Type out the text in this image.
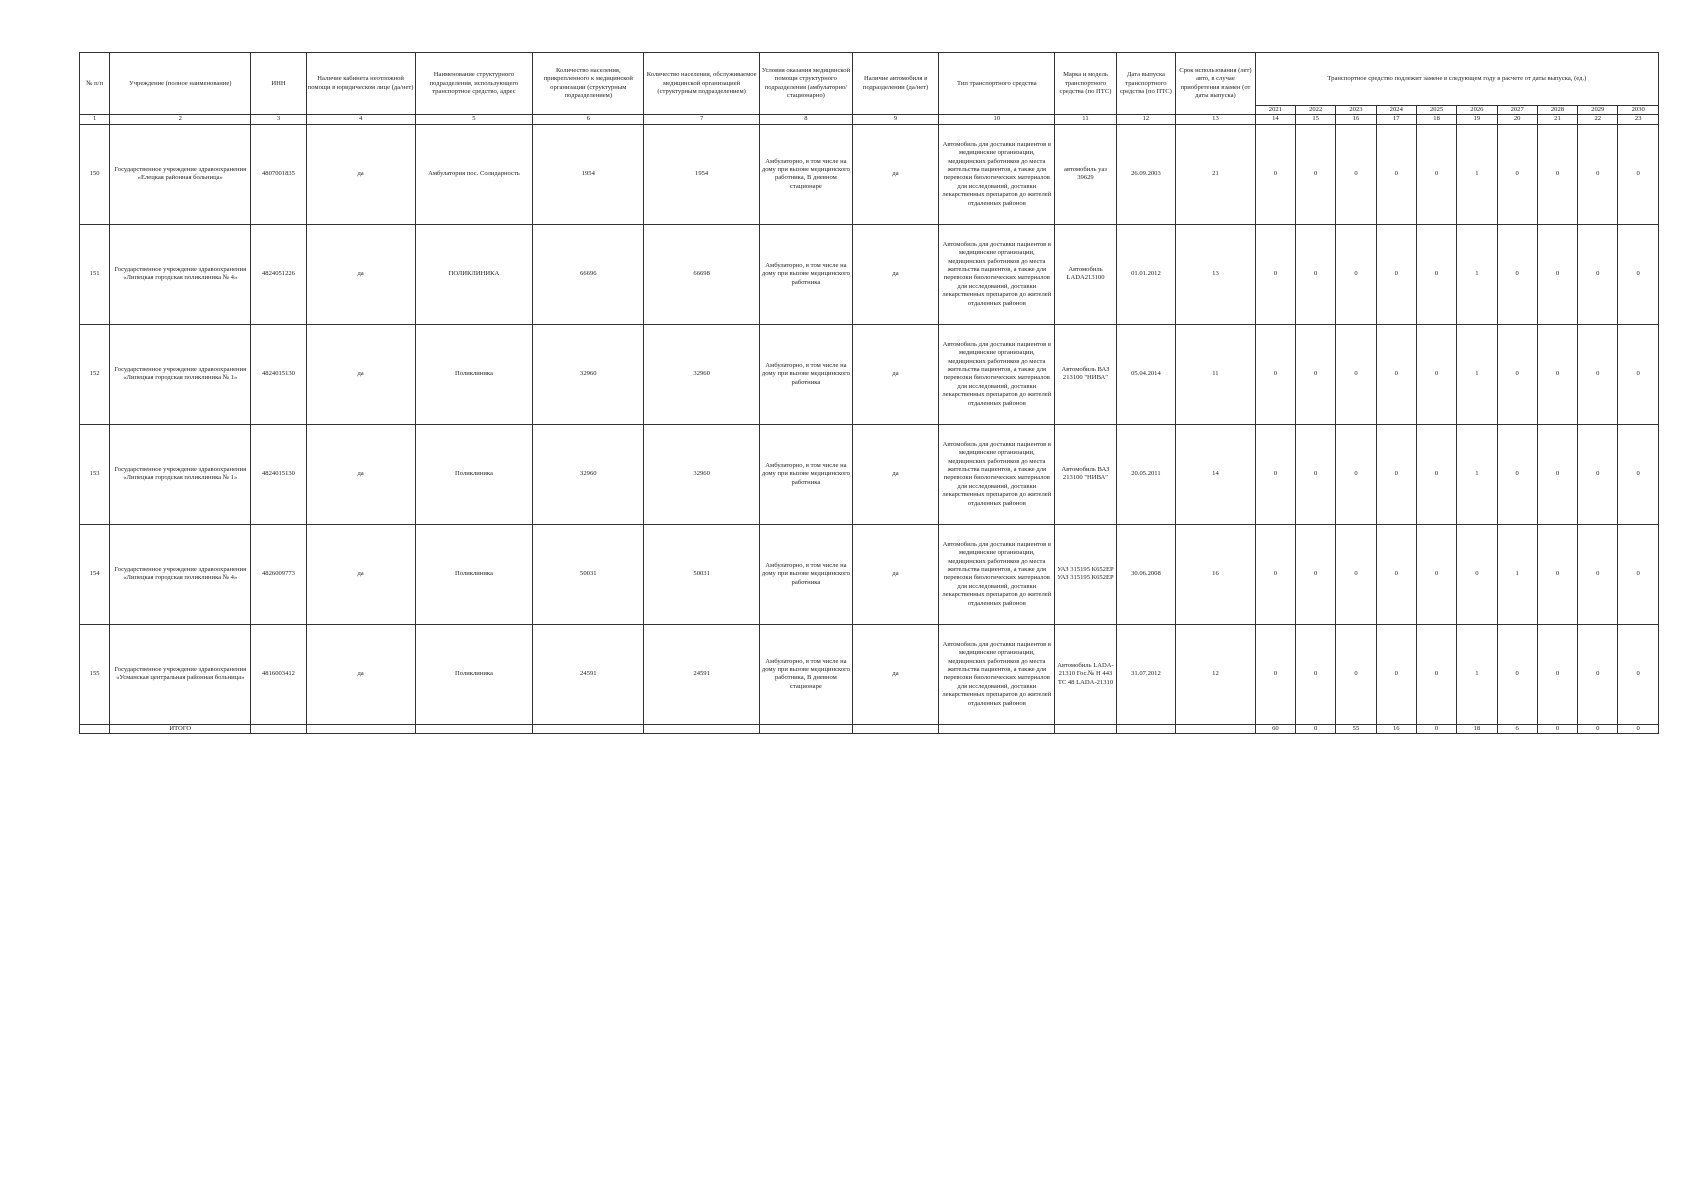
№ п/п	Учреждение (полное наименование)	ИНН	Наличие кабинета неотложной помощи в юридическом лице (да/нет)	Наименование структурного подразделения, использующего транспортное средство, адрес	Количество населения, прикрепленного к медицинской организации (структурным подразделением)	Количество населения, обслуживаемое медицинской организацией (структурным подразделением)	Условия оказания медицинской помощи структурного подразделения (амбулаторно/ стационарно)	Наличие автомобиля в подразделении (да/нет)	Тип транспортного средства	Марка и модель транспортного средства (по ПТС)	Дата выпуска транспортного средства (по ПТС)	Срок использования (лет) авто, в случае приобретения взамен (от даты выпуска)	Транспортное средство подлежит замене в следующем году в расчете от даты выпуска, (ед.)									
													2021	2022	2023	2024	2025	2026	2027	2028	2029	2030
1	2	3	4	5	6	7	8	9	10	11	12	13	14	15	16	17	18	19	20	21	22	23
150	Государственное учреждение здравоохранения «Елецкая районная больница»	4807001835	да	Амбулатория пос. Солидарность	1954	1954	Амбулаторно, в том числе на дому при вызове медицинского работника, В дневном стационаре	да	Автомобиль для доставки пациентов в медицинские организации, медицинских работников до места жительства пациентов, а также для перевозки биологических материалов для исследований, доставки лекарственных препаратов до жителей отдаленных районов	автомобиль уаз 39629	26.09.2003	21	0	0	0	0	0	1	0	0	0	0
151	Государственное учреждение здравоохранения «Липецкая городская поликлиника № 4»	4824051226	да	ПОЛИКЛИНИКА	66696	66698	Амбулаторно, в том числе на дому при вызове медицинского работника	да	Автомобиль для доставки пациентов в медицинские организации, медицинских работников до места жительства пациентов, а также для перевозки биологических материалов для исследований, доставки лекарственных препаратов до жителей отдаленных районов	Автомобиль LADA213100	01.01.2012	13	0	0	0	0	0	1	0	0	0	0
152	Государственное учреждение здравоохранения «Липецкая городская поликлиника № 1»	4824015130	да	Поликлиника	32960	32960	Амбулаторно, в том числе на дому при вызове медицинского работника	да	Автомобиль для доставки пациентов в медицинские организации, медицинских работников до места жительства пациентов, а также для перевозки биологических материалов для исследований, доставки лекарственных препаратов до жителей отдаленных районов	Автомобиль ВАЗ 213100 "НИВА"	05.04.2014	11	0	0	0	0	0	1	0	0	0	0
153	Государственное учреждение здравоохранения «Липецкая городская поликлиника № 1»	4824015130	да	Поликлиника	32960	32960	Амбулаторно, в том числе на дому при вызове медицинского работника	да	Автомобиль для доставки пациентов в медицинские организации, медицинских работников до места жительства пациентов, а также для перевозки биологических материалов для исследований, доставки лекарственных препаратов до жителей отдаленных районов	Автомобиль ВАЗ 213100 "НИВА"	20.05.2011	14	0	0	0	0	0	1	0	0	0	0
154	Государственное учреждение здравоохранения «Липецкая городская поликлиника № 4»	4826009773	да	Поликлиника	50031	50031	Амбулаторно, в том числе на дому при вызове медицинского работника	да	Автомобиль для доставки пациентов в медицинские организации, медицинских работников до места жительства пациентов, а также для перевозки биологических материалов для исследований, доставки лекарственных препаратов до жителей отдаленных районов	УАЗ 315195 К652ЕР УАЗ 315195 К652ЕР	30.06.2008	16	0	0	0	0	0	0	1	0	0	0
155	Государственное учреждение здравоохранения «Усманская центральная районная больница»	4816003412	да	Поликлиника	24591	24591	Амбулаторно, в том числе на дому при вызове медицинского работника, В дневном стационаре	да	Автомобиль для доставки пациентов в медицинские организации, медицинских работников до места жительства пациентов, а также для перевозки биологических материалов для исследований, доставки лекарственных препаратов до жителей отдаленных районов	Автомобиль LADA-21310 Гос.№ Н 443 ТС 48 LADA-21310	31.07.2012	12	0	0	0	0	0	1	0	0	0	0
	ИТОГО												60	0	55	16	0	18	6	0	0	0
